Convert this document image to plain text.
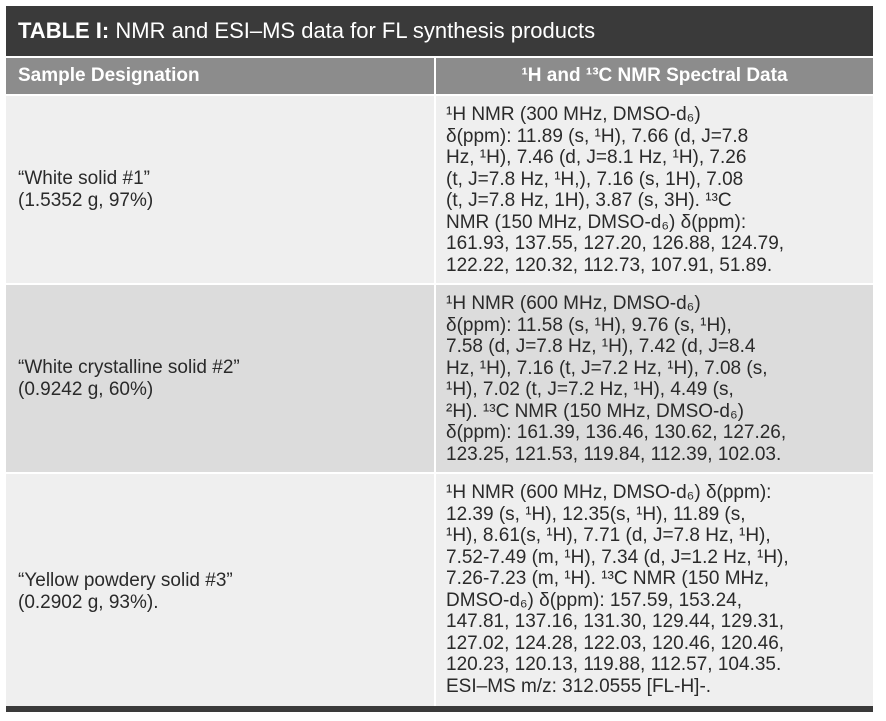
TABLE I: NMR and ESI–MS data for FL synthesis products
Sample Designation	¹H and ¹³C NMR Spectral Data
“White solid #1”
(1.5352 g, 97%)
¹H NMR (300 MHz, DMSO-d₆)
δ(ppm): 11.89 (s, ¹H), 7.66 (d, J=7.8
Hz, ¹H), 7.46 (d, J=8.1 Hz, ¹H), 7.26
(t, J=7.8 Hz, ¹H,), 7.16 (s, 1H), 7.08
(t, J=7.8 Hz, 1H), 3.87 (s, 3H). ¹³C
NMR (150 MHz, DMSO-d₆) δ(ppm):
161.93, 137.55, 127.20, 126.88, 124.79,
122.22, 120.32, 112.73, 107.91, 51.89.
“White crystalline solid #2”
(0.9242 g, 60%)
¹H NMR (600 MHz, DMSO-d₆)
δ(ppm): 11.58 (s, ¹H), 9.76 (s, ¹H),
7.58 (d, J=7.8 Hz, ¹H), 7.42 (d, J=8.4
Hz, ¹H), 7.16 (t, J=7.2 Hz, ¹H), 7.08 (s,
¹H), 7.02 (t, J=7.2 Hz, ¹H), 4.49 (s,
²H). ¹³C NMR (150 MHz, DMSO-d₆)
δ(ppm): 161.39, 136.46, 130.62, 127.26,
123.25, 121.53, 119.84, 112.39, 102.03.
“Yellow powdery solid #3”
(0.2902 g, 93%).
¹H NMR (600 MHz, DMSO-d₆) δ(ppm):
12.39 (s, ¹H), 12.35(s, ¹H), 11.89 (s,
¹H), 8.61(s, ¹H), 7.71 (d, J=7.8 Hz, ¹H),
7.52-7.49 (m, ¹H), 7.34 (d, J=1.2 Hz, ¹H),
7.26-7.23 (m, ¹H). ¹³C NMR (150 MHz,
DMSO-d₆) δ(ppm): 157.59, 153.24,
147.81, 137.16, 131.30, 129.44, 129.31,
127.02, 124.28, 122.03, 120.46, 120.46,
120.23, 120.13, 119.88, 112.57, 104.35.
ESI–MS m/z: 312.0555 [FL-H]-.
